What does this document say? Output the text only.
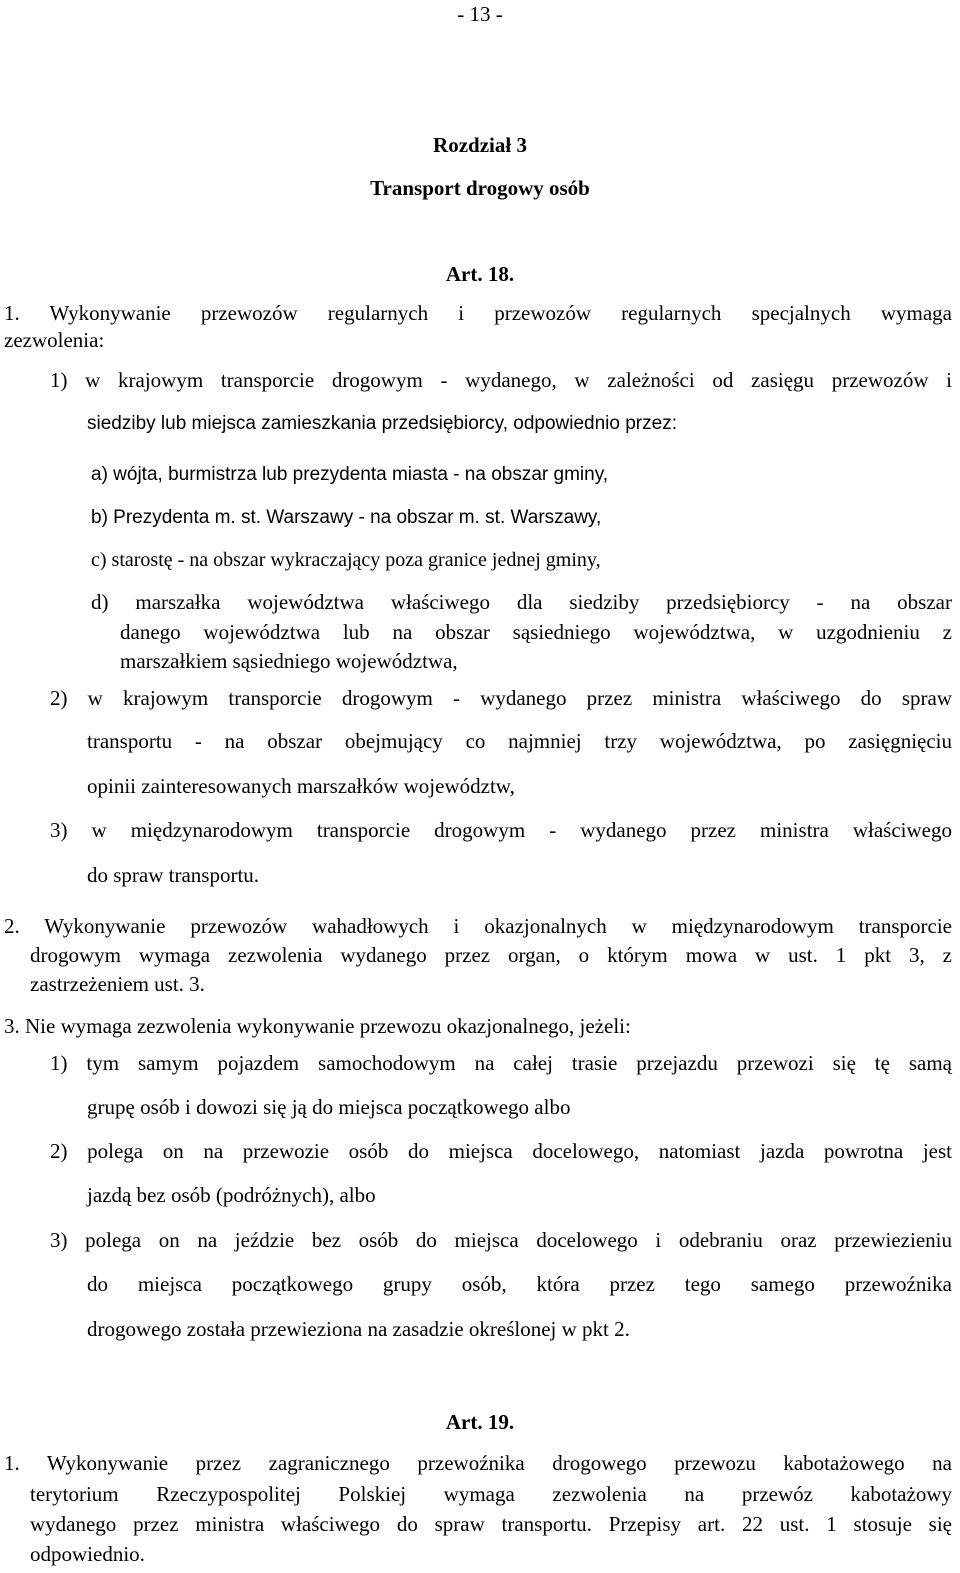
- 13 -
Rozdział 3
Transport drogowy osób
Art. 18.
1. Wykonywanie przewozów regularnych i przewozów regularnych specjalnych wymaga
zezwolenia:
1) w krajowym transporcie drogowym - wydanego, w zależności od zasięgu przewozów i
siedziby lub miejsca zamieszkania przedsiębiorcy, odpowiednio przez:
a) wójta, burmistrza lub prezydenta miasta - na obszar gminy,
b) Prezydenta m. st. Warszawy - na obszar m. st. Warszawy,
c) starostę - na obszar wykraczający poza granice jednej gminy,
d) marszałka województwa właściwego dla siedziby przedsiębiorcy - na obszar
danego województwa lub na obszar sąsiedniego województwa, w uzgodnieniu z
marszałkiem sąsiedniego województwa,
2) w krajowym transporcie drogowym - wydanego przez ministra właściwego do spraw
transportu - na obszar obejmujący co najmniej trzy województwa, po zasięgnięciu
opinii zainteresowanych marszałków województw,
3) w międzynarodowym transporcie drogowym - wydanego przez ministra właściwego
do spraw transportu.
2. Wykonywanie przewozów wahadłowych i okazjonalnych w międzynarodowym transporcie
drogowym wymaga zezwolenia wydanego przez organ, o którym mowa w ust. 1 pkt 3, z
zastrzeżeniem ust. 3.
3. Nie wymaga zezwolenia wykonywanie przewozu okazjonalnego, jeżeli:
1) tym samym pojazdem samochodowym na całej trasie przejazdu przewozi się tę samą
grupę osób i dowozi się ją do miejsca początkowego albo
2) polega on na przewozie osób do miejsca docelowego, natomiast jazda powrotna jest
jazdą bez osób (podróżnych), albo
3) polega on na jeździe bez osób do miejsca docelowego i odebraniu oraz przewiezieniu
do miejsca początkowego grupy osób, która przez tego samego przewoźnika
drogowego została przewieziona na zasadzie określonej w pkt 2.
Art. 19.
1. Wykonywanie przez zagranicznego przewoźnika drogowego przewozu kabotażowego na
terytorium Rzeczypospolitej Polskiej wymaga zezwolenia na przewóz kabotażowy
wydanego przez ministra właściwego do spraw transportu. Przepisy art. 22 ust. 1 stosuje się
odpowiednio.
